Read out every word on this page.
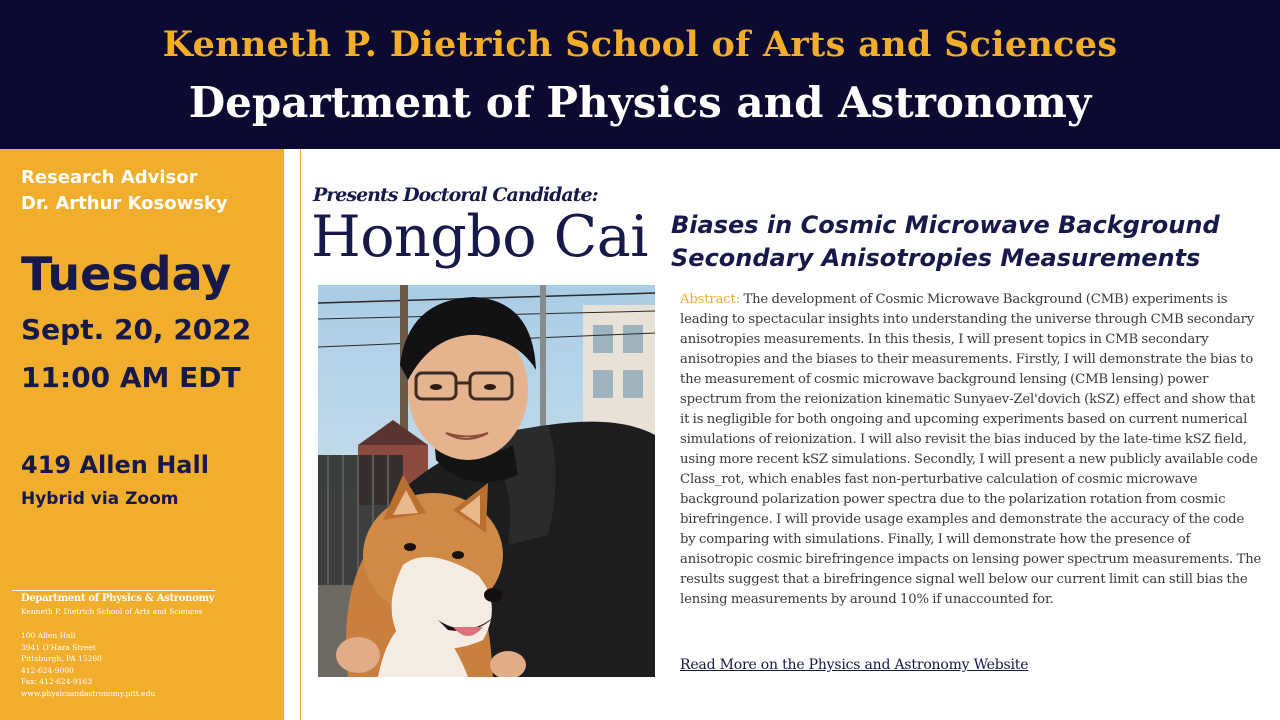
Kenneth P. Dietrich School of Arts and Sciences
Department of Physics and Astronomy
Research Advisor
Dr. Arthur Kosowsky
Tuesday
Sept. 20, 2022
11:00 AM EDT
419 Allen Hall
Hybrid via Zoom
Department of Physics & Astronomy
Kenneth P. Dietrich School of Arts and Sciences
100 Allen Hall
3941 O'Hara Street
Pittsburgh, PA 15260
412-624-9000
Fax: 412-624-9163
www.physicsandastronomy.pitt.edu
Presents Doctoral Candidate:
Hongbo Cai Biases in Cosmic Microwave Background
Secondary Anisotropies Measurements
Abstract: The development of Cosmic Microwave Background (CMB) experiments is leading to spectacular insights into understanding the universe through CMB secondary anisotropies measurements. In this thesis, I will present topics in CMB secondary anisotropies and the biases to their measurements. Firstly, I will demonstrate the bias to the measurement of cosmic microwave background lensing (CMB lensing) power spectrum from the reionization kinematic Sunyaev-Zel'dovich (kSZ) effect and show that it is negligible for both ongoing and upcoming experiments based on current numerical simulations of reionization. I will also revisit the bias induced by the late-time kSZ field, using more recent kSZ simulations. Secondly, I will present a new publicly available code Class_rot, which enables fast non-perturbative calculation of cosmic microwave background polarization power spectra due to the polarization rotation from cosmic birefringence. I will provide usage examples and demonstrate the accuracy of the code by comparing with simulations. Finally, I will demonstrate how the presence of anisotropic cosmic birefringence impacts on lensing power spectrum measurements. The results suggest that a birefringence signal well below our current limit can still bias the lensing measurements by around 10% if unaccounted for.
Read More on the Physics and Astronomy Website
